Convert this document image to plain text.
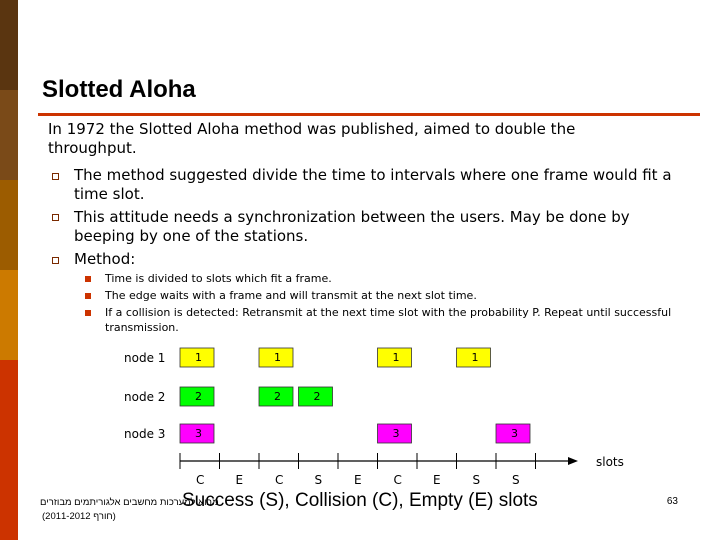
Slotted Aloha
In 1972 the Slotted Aloha method was published, aimed to double the throughput.
The method suggested divide the time to intervals where one frame would fit a time slot.
This attitude needs a synchronization between the users. May be done by beeping by one of the stations.
Method:
Time is divided to slots which fit a frame.
The edge waits with a frame and will transmit at the next slot time.
If a collision is detected: Retransmit at the next time slot with the probability P. Repeat until successful transmission.
node 1
node 2
node 3
1	1	1	1
2	2	2
3	3	3
C	E	C	S	E	C	E	S	S
slots
מבוא למערכות מחשבים אלגוריתמים מבוזרים
(2011-2012 חורף)
Success (S), Collision (C), Empty (E) slots	63
